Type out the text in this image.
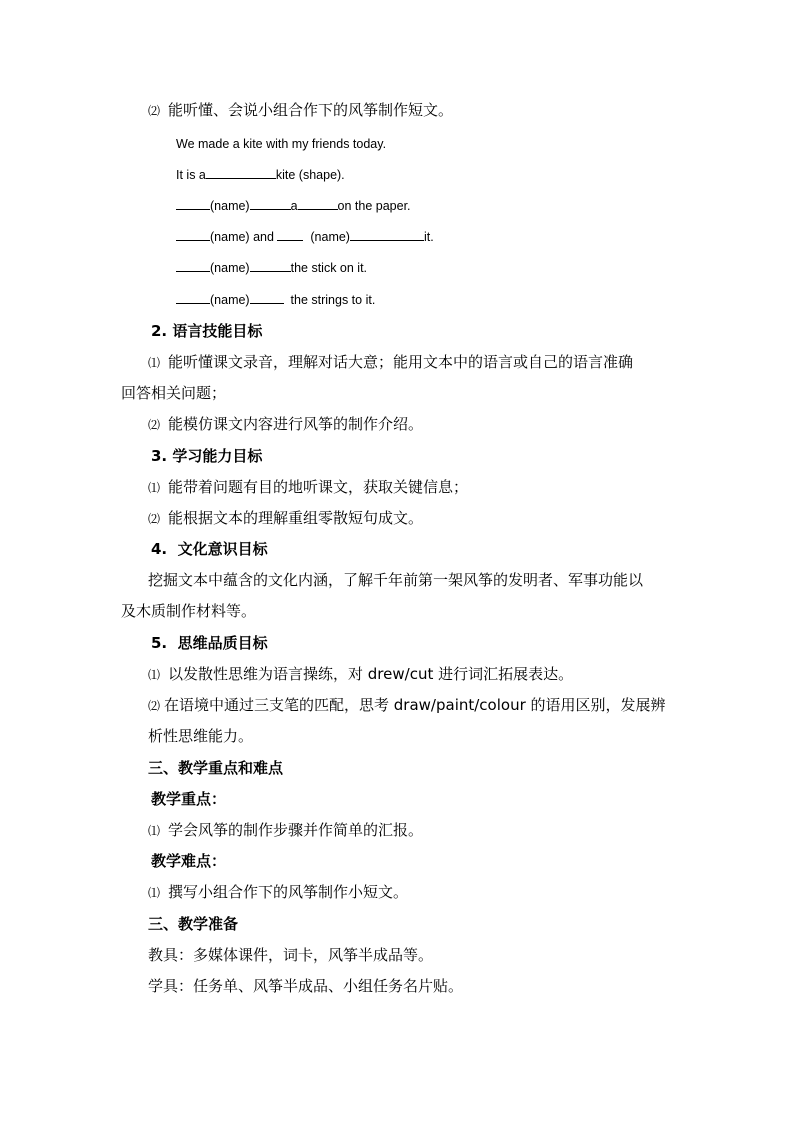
⑵ 能听懂、会说小组合作下的风筝制作短文。
We made a kite with my friends today.
It is a	kite (shape).
(name)	a	on the paper.
(name) and	(name)	it.
(name)	the stick on it.
(name)	the strings to it.
2. 语言技能目标
⑴ 能听懂课文录音，理解对话大意；能用文本中的语言或自己的语言准确
回答相关问题；
⑵ 能模仿课文内容进行风筝的制作介绍。
3. 学习能力目标
⑴ 能带着问题有目的地听课文，获取关键信息；
⑵ 能根据文本的理解重组零散短句成文。
4. 文化意识目标
挖掘文本中蕴含的文化内涵，了解千年前第一架风筝的发明者、军事功能以
及木质制作材料等。
5. 思维品质目标
⑴ 以发散性思维为语言操练，对 drew/cut 进行词汇拓展表达。
⑵ 在语境中通过三支笔的匹配，思考 draw/paint/colour 的语用区别，发展辨
析性思维能力。
三、教学重点和难点
教学重点：
⑴ 学会风筝的制作步骤并作简单的汇报。
教学难点：
⑴ 撰写小组合作下的风筝制作小短文。
三、教学准备
教具：多媒体课件，词卡，风筝半成品等。
学具：任务单、风筝半成品、小组任务名片贴。
